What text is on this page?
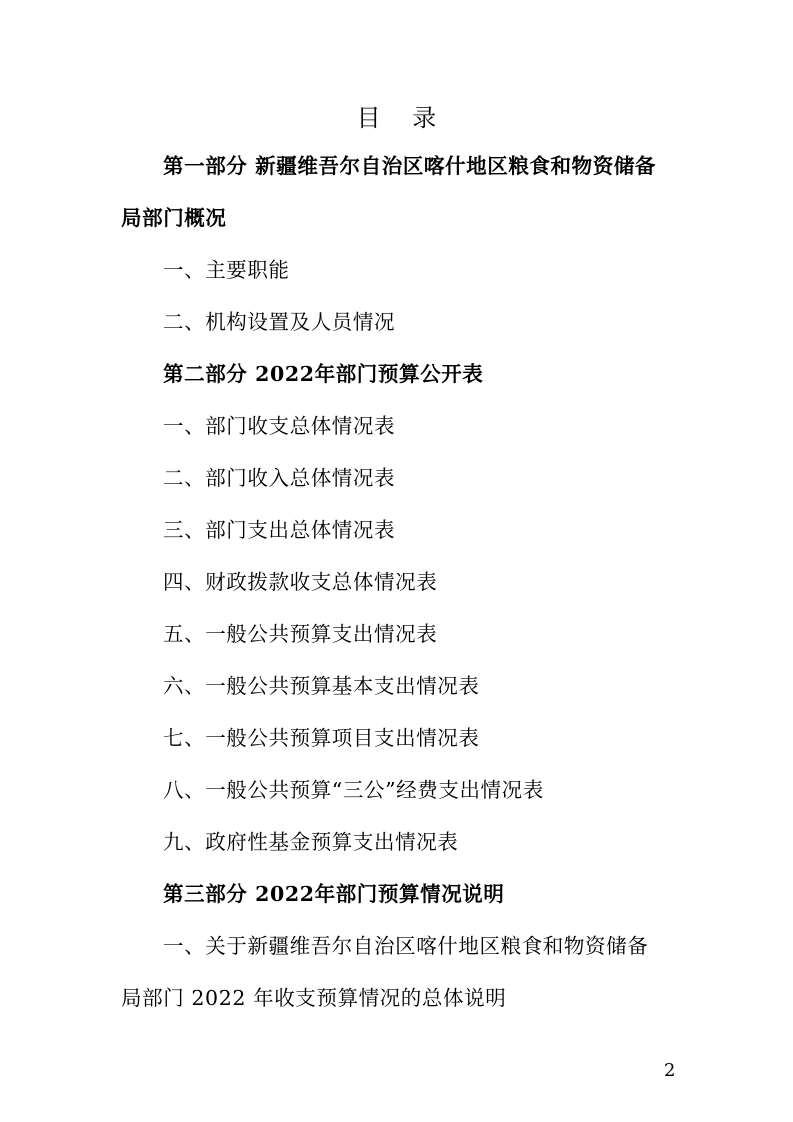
目 录
第一部分 新疆维吾尔自治区喀什地区粮食和物资储备
局部门概况
一、主要职能
二、机构设置及人员情况
第二部分 2022年部门预算公开表
一、部门收支总体情况表
二、部门收入总体情况表
三、部门支出总体情况表
四、财政拨款收支总体情况表
五、一般公共预算支出情况表
六、一般公共预算基本支出情况表
七、一般公共预算项目支出情况表
八、一般公共预算“三公”经费支出情况表
九、政府性基金预算支出情况表
第三部分 2022年部门预算情况说明
一、关于新疆维吾尔自治区喀什地区粮食和物资储备
局部门 2022 年收支预算情况的总体说明
2
